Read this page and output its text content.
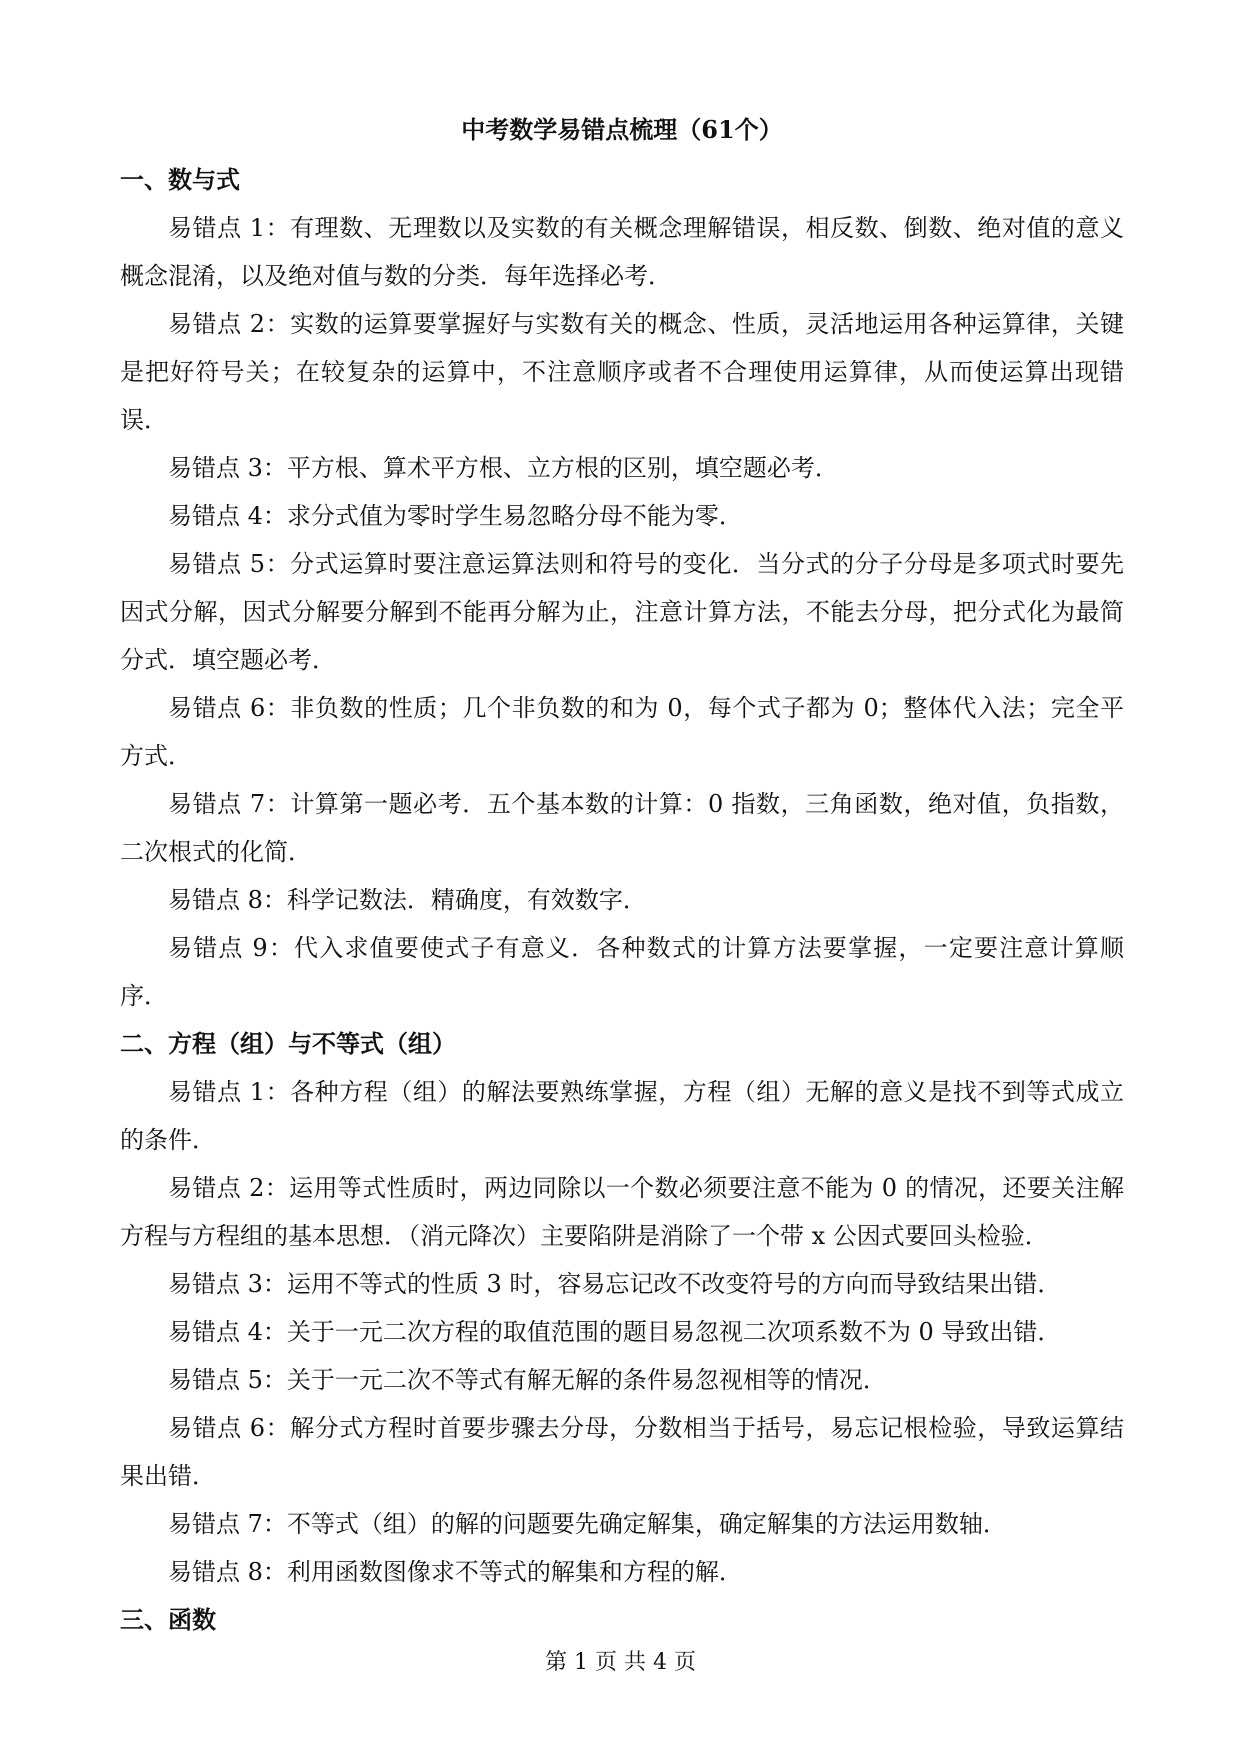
中考数学易错点梳理（61个）
一、数与式

易错点 1：有理数、无理数以及实数的有关概念理解错误，相反数、倒数、绝对值的意义概念混淆，以及绝对值与数的分类．每年选择必考．

易错点 2：实数的运算要掌握好与实数有关的概念、性质，灵活地运用各种运算律，关键是把好符号关；在较复杂的运算中，不注意顺序或者不合理使用运算律，从而使运算出现错误．

易错点 3：平方根、算术平方根、立方根的区别，填空题必考．

易错点 4：求分式值为零时学生易忽略分母不能为零．

易错点 5：分式运算时要注意运算法则和符号的变化．当分式的分子分母是多项式时要先因式分解，因式分解要分解到不能再分解为止，注意计算方法，不能去分母，把分式化为最简分式．填空题必考．

易错点 6：非负数的性质；几个非负数的和为 0，每个式子都为 0；整体代入法；完全平方式．

易错点 7：计算第一题必考．五个基本数的计算：0 指数，三角函数，绝对值，负指数，二次根式的化简．

易错点 8：科学记数法．精确度，有效数字．

易错点 9：代入求值要使式子有意义．各种数式的计算方法要掌握，一定要注意计算顺序．

二、方程（组）与不等式（组）

易错点 1：各种方程（组）的解法要熟练掌握，方程（组）无解的意义是找不到等式成立的条件．

易错点 2：运用等式性质时，两边同除以一个数必须要注意不能为 0 的情况，还要关注解方程与方程组的基本思想．（消元降次）主要陷阱是消除了一个带 x 公因式要回头检验．

易错点 3：运用不等式的性质 3 时，容易忘记改不改变符号的方向而导致结果出错．

易错点 4：关于一元二次方程的取值范围的题目易忽视二次项系数不为 0 导致出错．

易错点 5：关于一元二次不等式有解无解的条件易忽视相等的情况．

易错点 6：解分式方程时首要步骤去分母，分数相当于括号，易忘记根检验，导致运算结果出错．

易错点 7：不等式（组）的解的问题要先确定解集，确定解集的方法运用数轴．

易错点 8：利用函数图像求不等式的解集和方程的解．

三、函数
第 1 页 共 4 页
